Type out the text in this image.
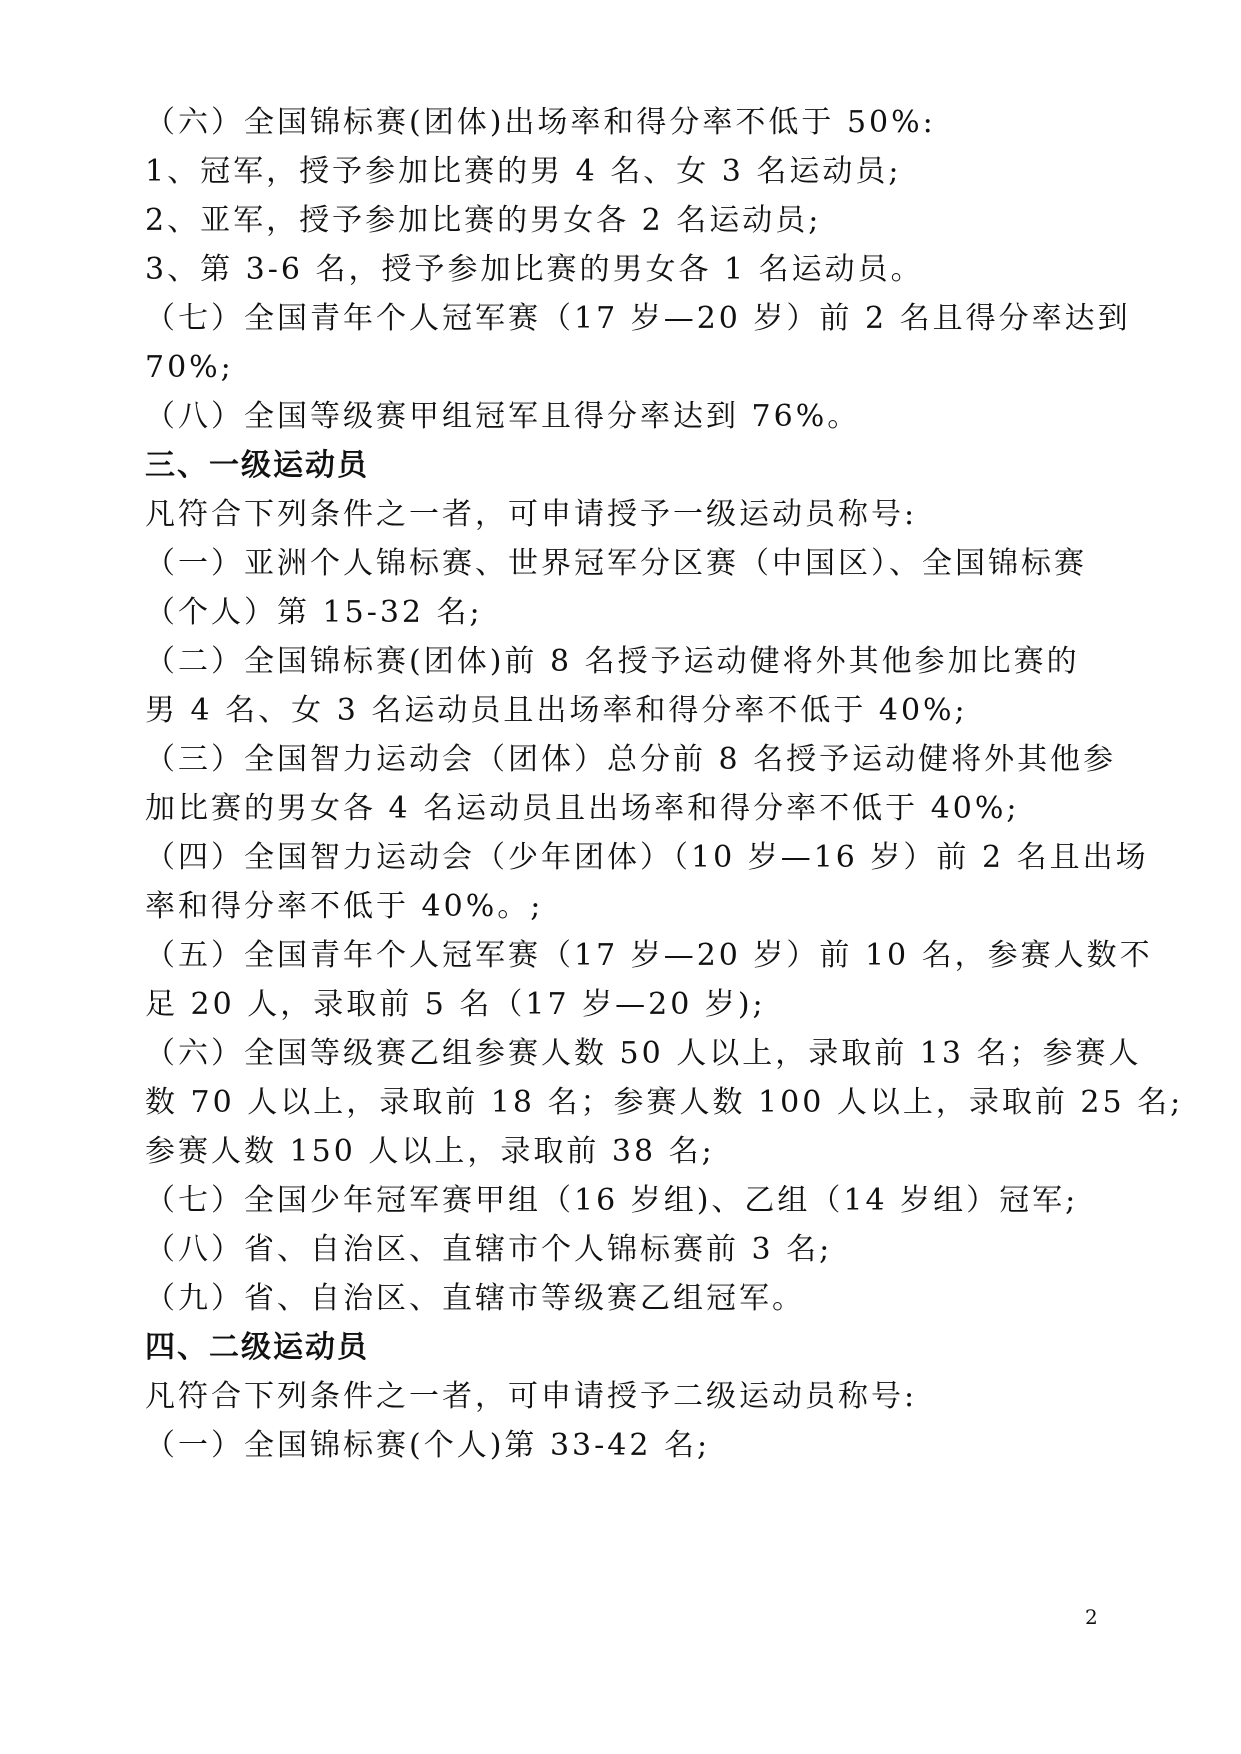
（六）全国锦标赛(团体)出场率和得分率不低于 50%:
1、冠军，授予参加比赛的男 4 名、女 3 名运动员;
2、亚军，授予参加比赛的男女各 2 名运动员;
3、第 3-6 名，授予参加比赛的男女各 1 名运动员。
（七）全国青年个人冠军赛（17 岁—20 岁）前 2 名且得分率达到
70%;
（八）全国等级赛甲组冠军且得分率达到 76%。
三、一级运动员
凡符合下列条件之一者，可申请授予一级运动员称号:
（一）亚洲个人锦标赛、世界冠军分区赛（中国区）、全国锦标赛
（个人）第 15-32 名;
（二）全国锦标赛(团体)前 8 名授予运动健将外其他参加比赛的
男 4 名、女 3 名运动员且出场率和得分率不低于 40%;
（三）全国智力运动会（团体）总分前 8 名授予运动健将外其他参
加比赛的男女各 4 名运动员且出场率和得分率不低于 40%;
（四）全国智力运动会（少年团体）（10 岁—16 岁）前 2 名且出场
率和得分率不低于 40%。;
（五）全国青年个人冠军赛（17 岁—20 岁）前 10 名，参赛人数不
足 20 人，录取前 5 名（17 岁—20 岁);
（六）全国等级赛乙组参赛人数 50 人以上，录取前 13 名；参赛人
数 70 人以上，录取前 18 名；参赛人数 100 人以上，录取前 25 名;
参赛人数 150 人以上，录取前 38 名;
（七）全国少年冠军赛甲组（16 岁组)、乙组（14 岁组）冠军;
（八）省、自治区、直辖市个人锦标赛前 3 名;
（九）省、自治区、直辖市等级赛乙组冠军。
四、二级运动员
凡符合下列条件之一者，可申请授予二级运动员称号:
（一）全国锦标赛(个人)第 33-42 名;
2
